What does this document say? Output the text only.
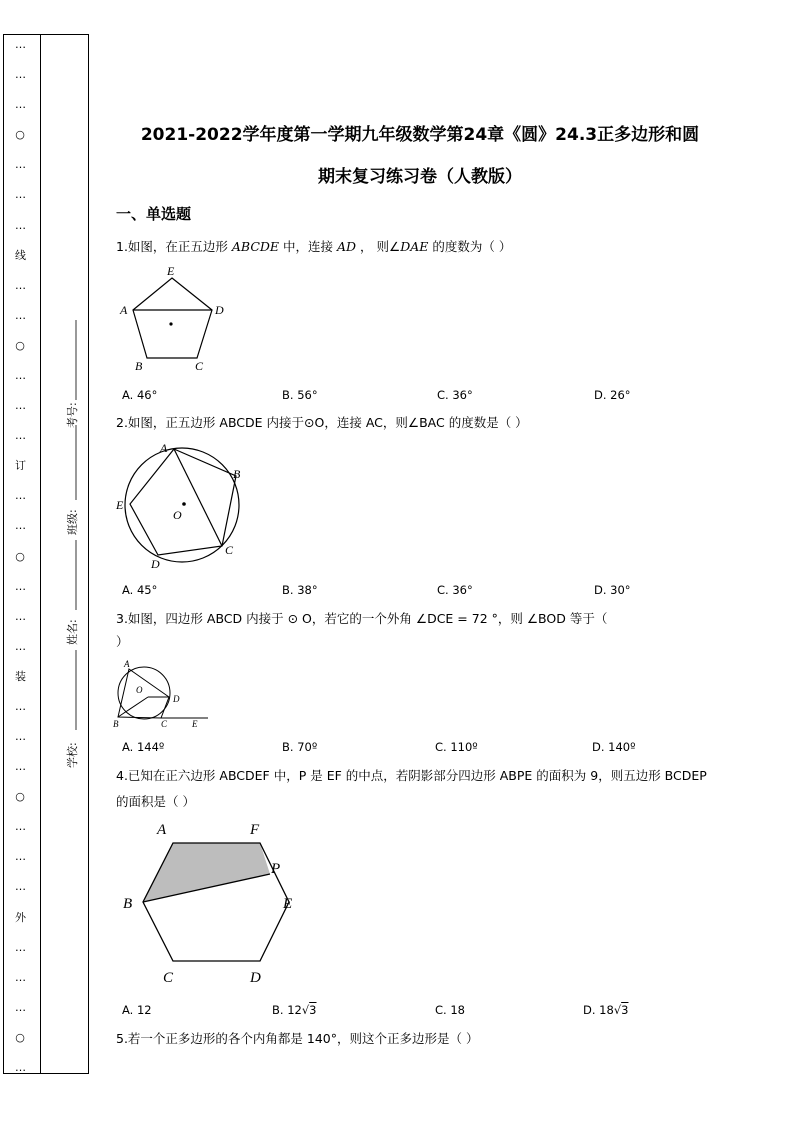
…
…
…
○
…
…
…
线
…
…
○
…
…
…
订
…
…
○
…
…
…
装
…
…
…
○
…
…
…
外
…
…
…
○
…
考号:
班级:
姓名:
学校:
2021-2022学年度第一学期九年级数学第24章《圆》24.3正多边形和圆
期末复习练习卷（人教版）
一、单选题
1.如图，在正五边形 ABCDE 中，连接 AD ， 则∠DAE 的度数为（ ）
E
A	D
B	C
A. 46°	B. 56°	C. 36°	D. 26°
2.如图，正五边形 ABCDE 内接于⊙O，连接 AC，则∠BAC 的度数是（ ）
A
B
E
O
D
C
A. 45°	B. 38°	C. 36°	D. 30°
3.如图，四边形 ABCD 内接于 ⊙ O，若它的一个外角 ∠DCE = 72 °，则 ∠BOD 等于（
）
A
O
D
B	C	E
A. 144º	B. 70º	C. 110º	D. 140º
4.已知在正六边形 ABCDEF 中，P 是 EF 的中点，若阴影部分四边形 ABPE 的面积为 9，则五边形 BCDEP
的面积是（ ）
A	F
P
B	E
C	D
A. 12	B. 12√3	C. 18	D. 18√3
5.若一个正多边形的各个内角都是 140°，则这个正多边形是（ ）
